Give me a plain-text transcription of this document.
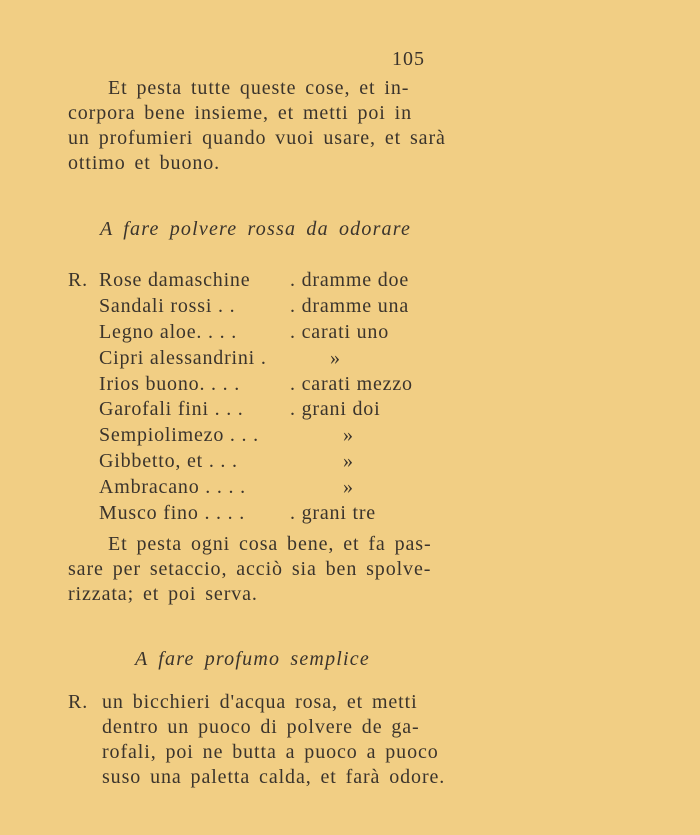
105
Et pesta tutte queste cose, et in-
corpora bene insieme, et metti poi in
un profumieri quando vuoi usare, et sarà
ottimo et buono.
A fare polvere rossa da odorare
R. Rose damaschine . dramme doe
Sandali rossi . .	. dramme una
Legno aloe. . . .	. carati uno
Cipri alessandrini .	»
Irios buono. . . . . carati mezzo
Garofali fini . . . . grani doi
Sempiolimezo . . .	»
Gibbetto, et . . .	»
Ambracano . . . .	»
Musco fino . . . . . grani tre
Et pesta ogni cosa bene, et fa pas-
sare per setaccio, acciò sia ben spolve-
rizzata; et poi serva.
A fare profumo semplice
R. un bicchieri d'acqua rosa, et metti
dentro un puoco di polvere de ga-
rofali, poi ne butta a puoco a puoco
suso una paletta calda, et farà odore.
